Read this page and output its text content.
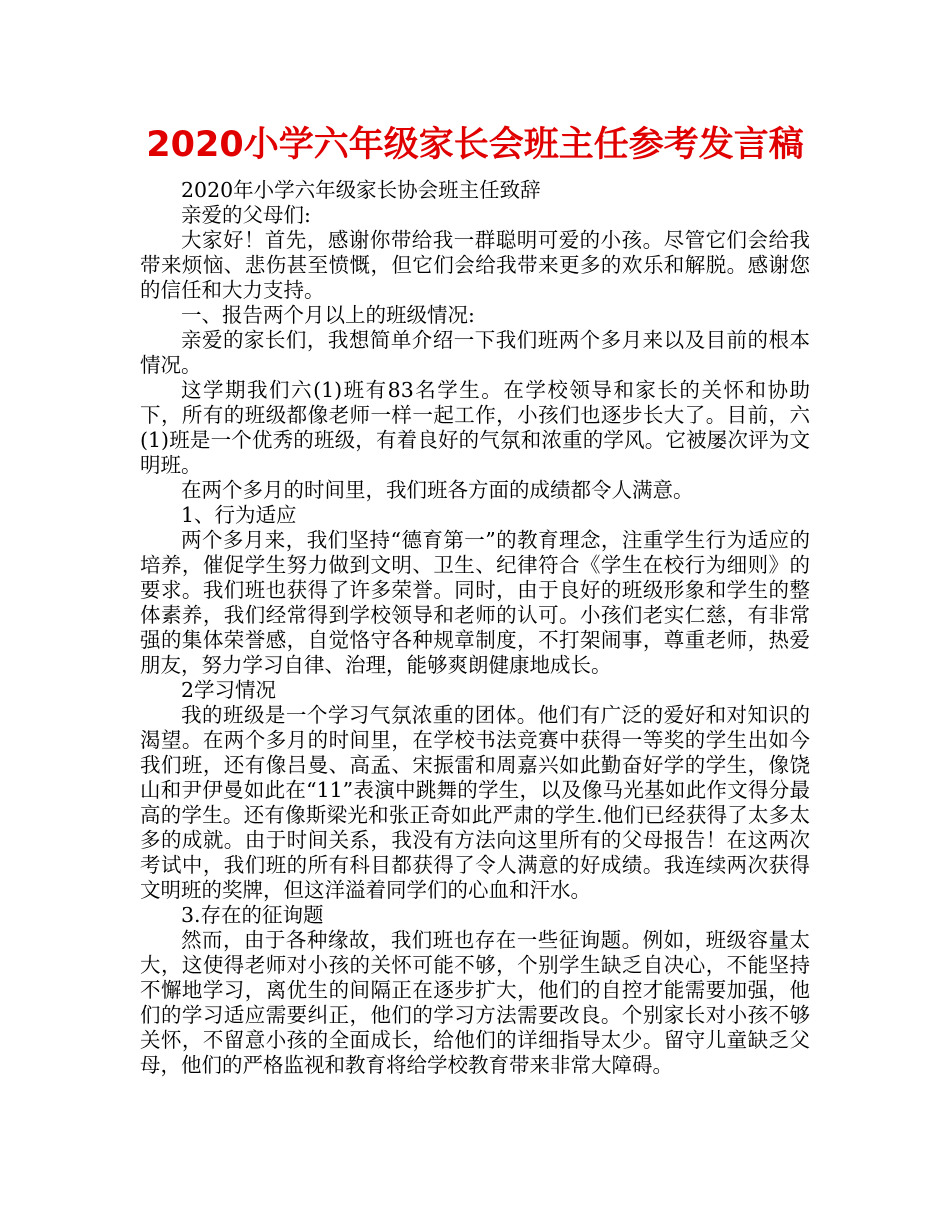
2020小学六年级家长会班主任参考发言稿

2020年小学六年级家长协会班主任致辞

亲爱的父母们:

大家好！首先，感谢你带给我一群聪明可爱的小孩。尽管它们会给我带来烦恼、悲伤甚至愤慨，但它们会给我带来更多的欢乐和解脱。感谢您的信任和大力支持。

一、报告两个月以上的班级情况:

亲爱的家长们，我想简单介绍一下我们班两个多月来以及目前的根本情况。

这学期我们六(1)班有83名学生。在学校领导和家长的关怀和协助下，所有的班级都像老师一样一起工作，小孩们也逐步长大了。目前，六(1)班是一个优秀的班级，有着良好的气氛和浓重的学风。它被屡次评为文明班。

在两个多月的时间里，我们班各方面的成绩都令人满意。

1、行为适应

两个多月来，我们坚持“德育第一”的教育理念，注重学生行为适应的培养，催促学生努力做到文明、卫生、纪律符合《学生在校行为细则》的要求。我们班也获得了许多荣誉。同时，由于良好的班级形象和学生的整体素养，我们经常得到学校领导和老师的认可。小孩们老实仁慈，有非常强的集体荣誉感，自觉恪守各种规章制度，不打架闹事，尊重老师，热爱朋友，努力学习自律、治理，能够爽朗健康地成长。

2学习情况

我的班级是一个学习气氛浓重的团体。他们有广泛的爱好和对知识的渴望。在两个多月的时间里，在学校书法竞赛中获得一等奖的学生出如今我们班，还有像吕曼、高孟、宋振雷和周嘉兴如此勤奋好学的学生，像饶山和尹伊曼如此在“11”表演中跳舞的学生，以及像马光基如此作文得分最高的学生。还有像斯梁光和张正奇如此严肃的学生.他们已经获得了太多太多的成就。由于时间关系，我没有方法向这里所有的父母报告！在这两次考试中，我们班的所有科目都获得了令人满意的好成绩。我连续两次获得文明班的奖牌，但这洋溢着同学们的心血和汗水。

3.存在的征询题

然而，由于各种缘故，我们班也存在一些征询题。例如，班级容量太大，这使得老师对小孩的关怀可能不够，个别学生缺乏自决心，不能坚持不懈地学习，离优生的间隔正在逐步扩大，他们的自控才能需要加强，他们的学习适应需要纠正，他们的学习方法需要改良。个别家长对小孩不够关怀，不留意小孩的全面成长，给他们的详细指导太少。留守儿童缺乏父母，他们的严格监视和教育将给学校教育带来非常大障碍。
